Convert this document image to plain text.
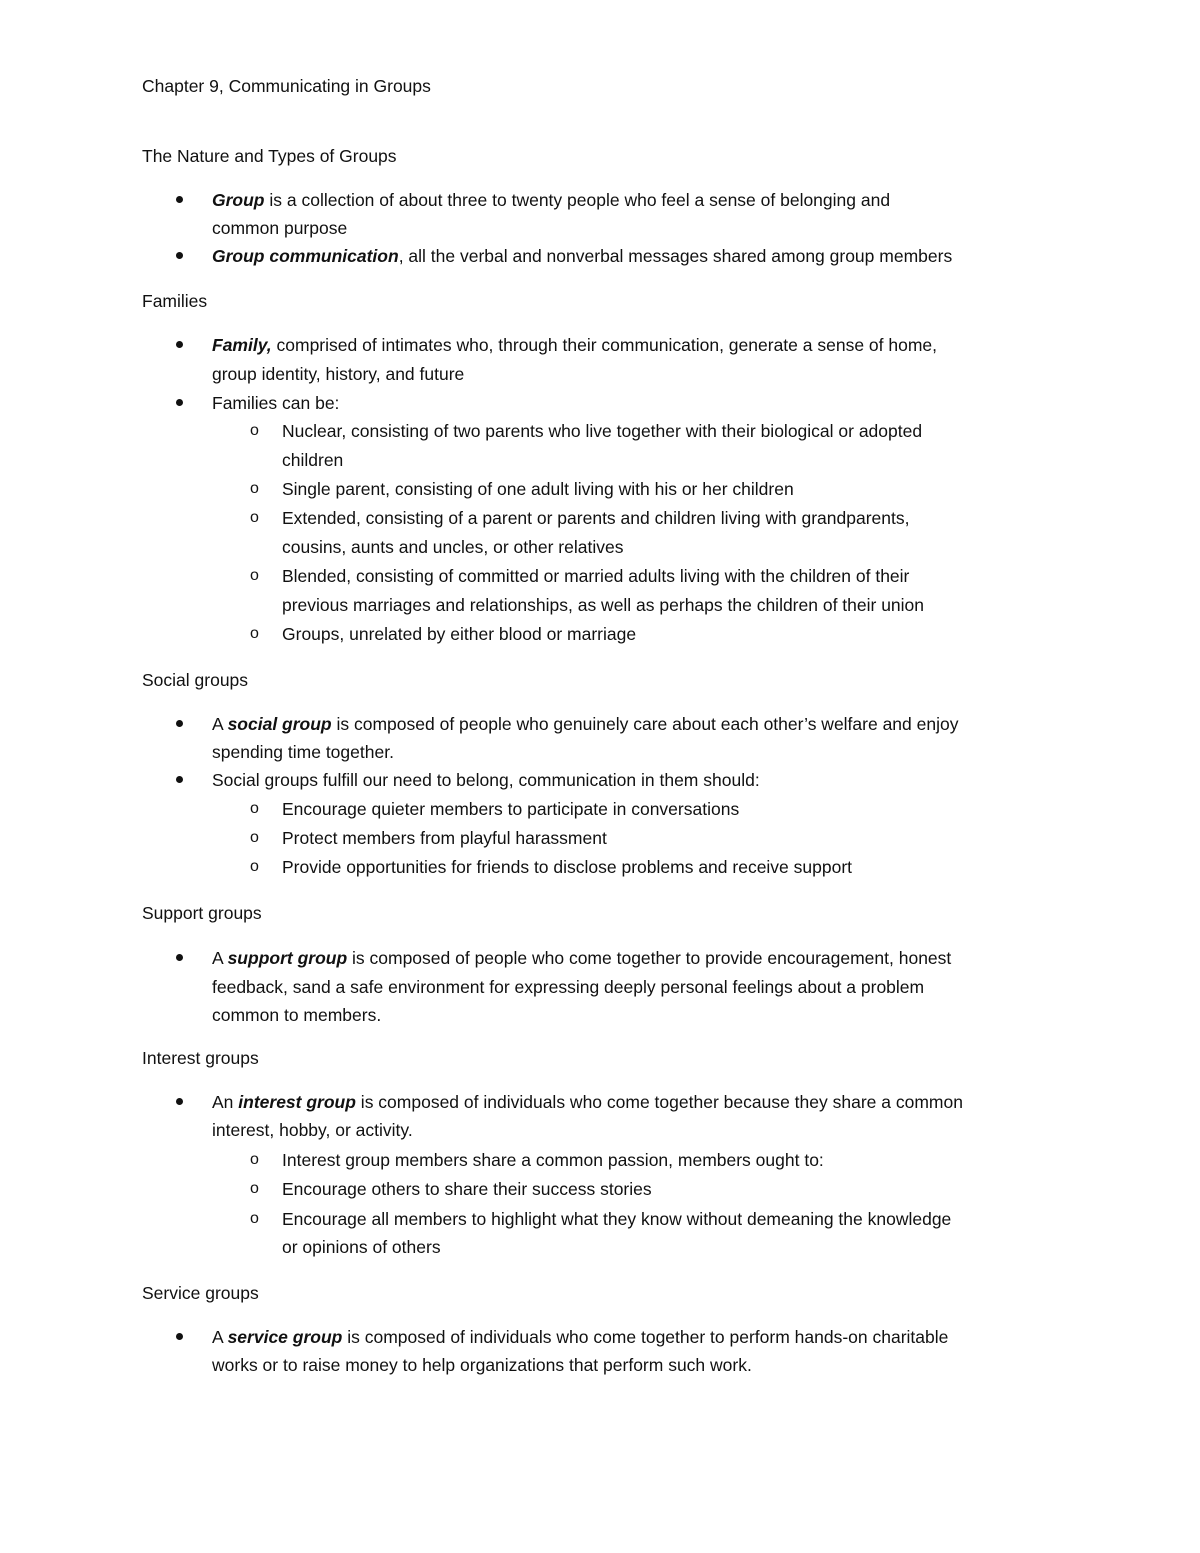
Chapter 9, Communicating in Groups
The Nature and Types of Groups
Group is a collection of about three to twenty people who feel a sense of belonging and
common purpose
Group communication, all the verbal and nonverbal messages shared among group members
Families
Family, comprised of intimates who, through their communication, generate a sense of home,
group identity, history, and future
Families can be:
o Nuclear, consisting of two parents who live together with their biological or adopted
children
o Single parent, consisting of one adult living with his or her children
o Extended, consisting of a parent or parents and children living with grandparents,
cousins, aunts and uncles, or other relatives
o Blended, consisting of committed or married adults living with the children of their
previous marriages and relationships, as well as perhaps the children of their union
o Groups, unrelated by either blood or marriage
Social groups
A social group is composed of people who genuinely care about each other’s welfare and enjoy
spending time together.
Social groups fulfill our need to belong, communication in them should:
o Encourage quieter members to participate in conversations
o Protect members from playful harassment
o Provide opportunities for friends to disclose problems and receive support
Support groups
A support group is composed of people who come together to provide encouragement, honest
feedback, sand a safe environment for expressing deeply personal feelings about a problem
common to members.
Interest groups
An interest group is composed of individuals who come together because they share a common
interest, hobby, or activity.
o Interest group members share a common passion, members ought to:
o Encourage others to share their success stories
o Encourage all members to highlight what they know without demeaning the knowledge
or opinions of others
Service groups
A service group is composed of individuals who come together to perform hands-on charitable
works or to raise money to help organizations that perform such work.
